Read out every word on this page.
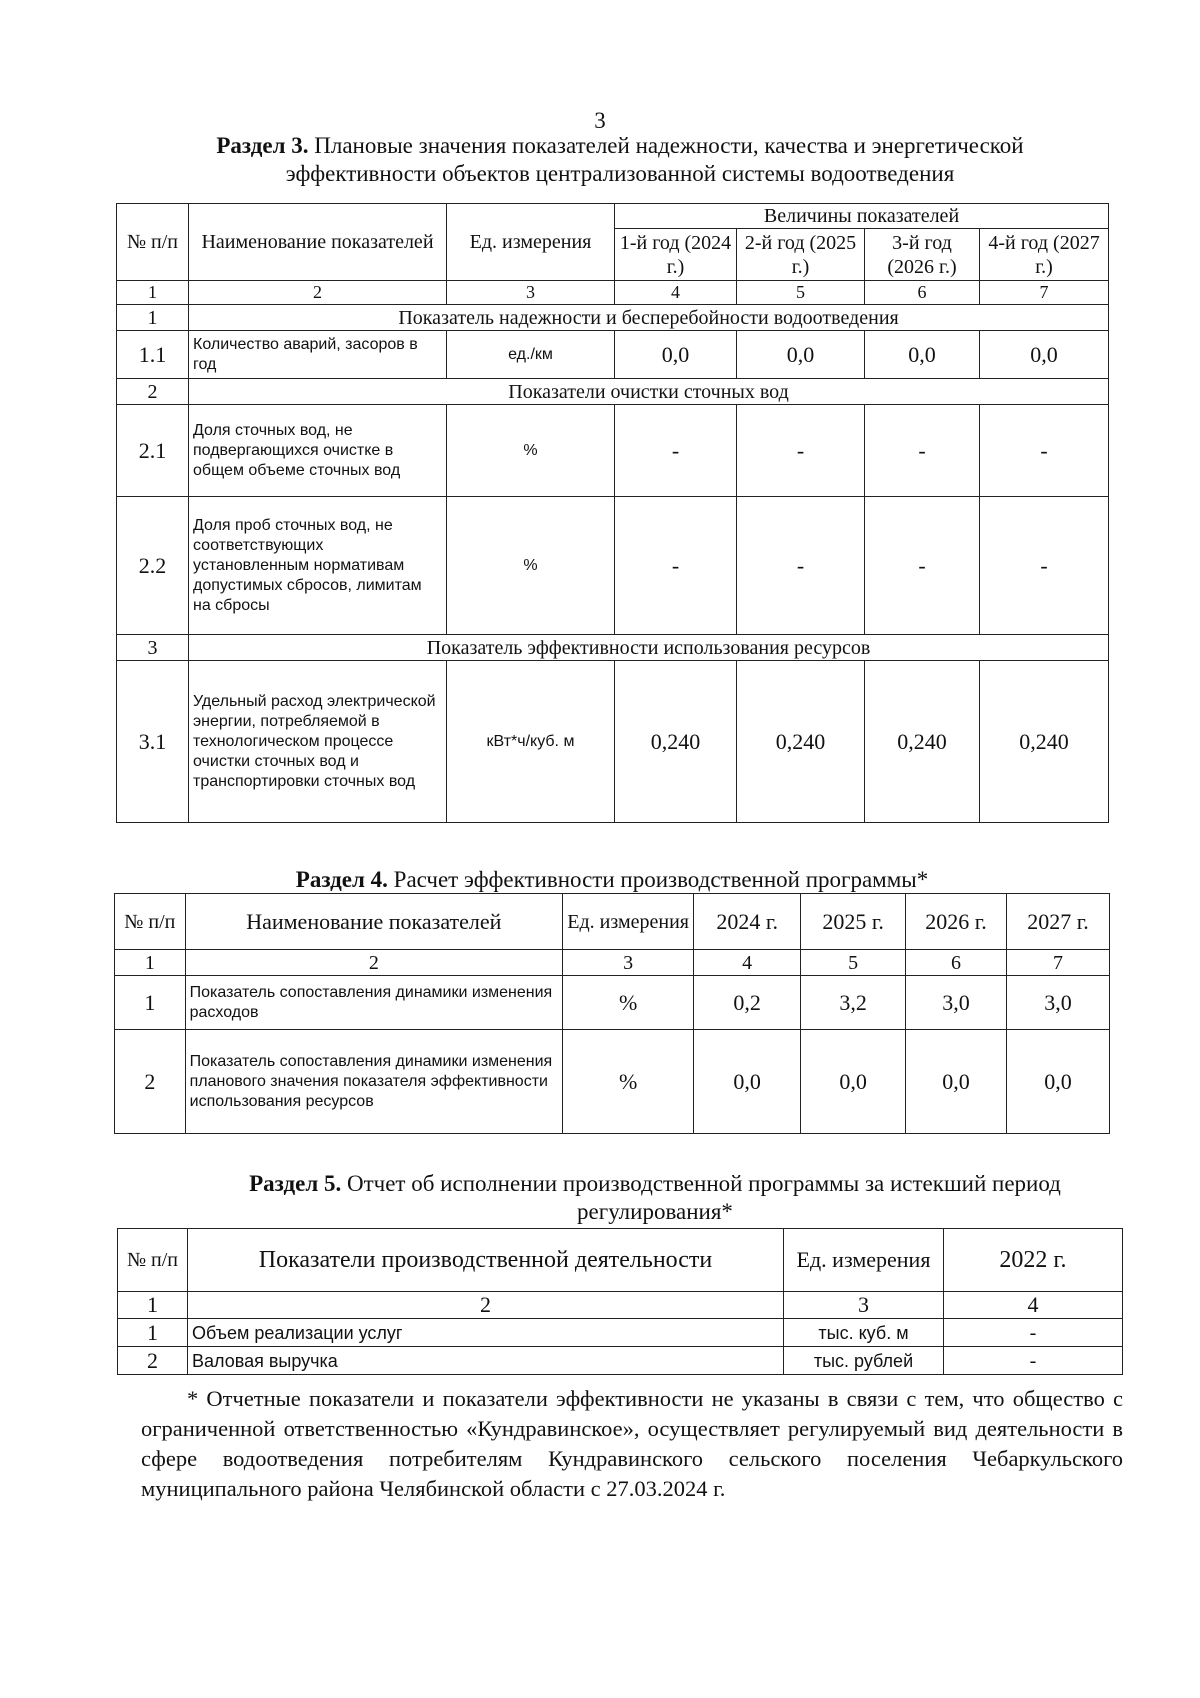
3
Раздел 3. Плановые значения показателей надежности, качества и энергетической эффективности объектов централизованной системы водоотведения
№ п/п	Наименование показателей	Ед. измерения	Величины показателей			
			1-й год (2024 г.)	2-й год (2025 г.)	3-й год (2026 г.)	4-й год (2027 г.)
1	2	3	4	5	6	7
1	Показатель надежности и бесперебойности водоотведения					
1.1	Количество аварий, засоров в год	ед./км	0,0	0,0	0,0	0,0
2	Показатели очистки сточных вод					
2.1	Доля сточных вод, не подвергающихся очистке в общем объеме сточных вод	%	-	-	-	-
2.2	Доля проб сточных вод, не соответствующих установленным нормативам допустимых сбросов, лимитам на сбросы	%	-	-	-	-
3	Показатель эффективности использования ресурсов					
3.1	Удельный расход электрической энергии, потребляемой в технологическом процессе очистки сточных вод и транспортировки сточных вод	кВт*ч/куб. м	0,240	0,240	0,240	0,240
Раздел 4. Расчет эффективности производственной программы*
№ п/п	Наименование показателей	Ед. измерения	2024 г.	2025 г.	2026 г.	2027 г.
1	2	3	4	5	6	7
1	Показатель сопоставления динамики изменения расходов	%	0,2	3,2	3,0	3,0
2	Показатель сопоставления динамики изменения планового значения показателя эффективности использования ресурсов	%	0,0	0,0	0,0	0,0
Раздел 5. Отчет об исполнении производственной программы за истекший период регулирования*
№ п/п	Показатели производственной деятельности	Ед. измерения	2022 г.
1	2	3	4
1	Объем реализации услуг	тыс. куб. м	-
2	Валовая выручка	тыс. рублей	-

* Отчетные показатели и показатели эффективности не указаны в связи с тем, что общество с ограниченной ответственностью «Кундравинское», осуществляет регулируемый вид деятельности в сфере водоотведения потребителям Кундравинского сельского поселения Чебаркульского муниципального района Челябинской области с 27.03.2024 г.
